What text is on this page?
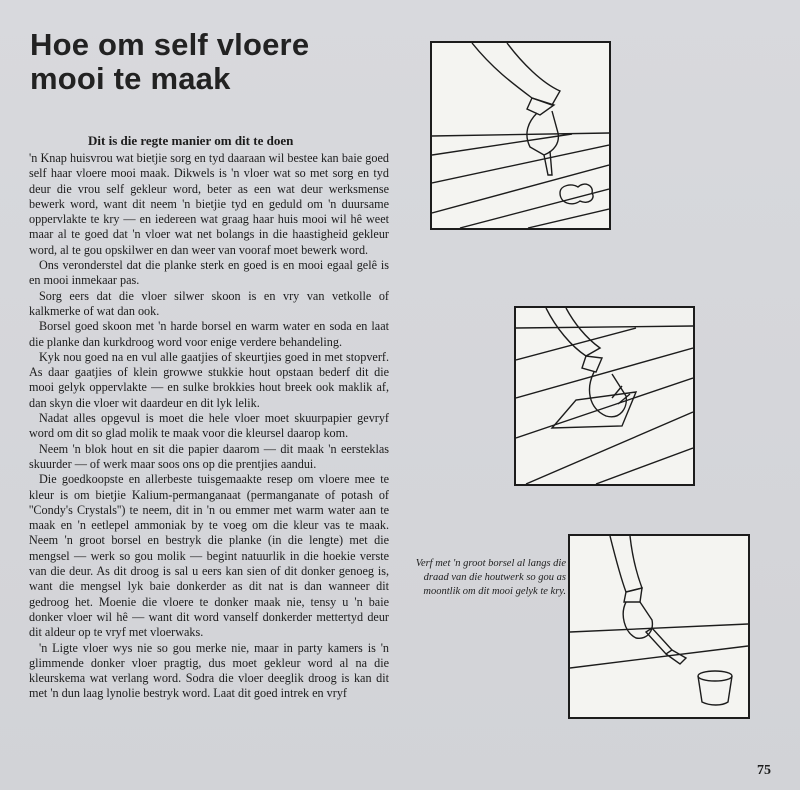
Hoe om self vloere
mooi te maak
Dit is die regte manier om dit te doen

'n Knap huisvrou wat bietjie sorg en tyd daaraan wil bestee kan baie goed self haar vloere mooi maak. Dikwels is 'n vloer wat so met sorg en tyd deur die vrou self gekleur word, beter as een wat deur werksmense bewerk word, want dit neem 'n bietjie tyd en geduld om 'n duursame oppervlakte te kry — en iedereen wat graag haar huis mooi wil hê weet maar al te goed dat 'n vloer wat net bolangs in die haastigheid gekleur word, al te gou opskilwer en dan weer van vooraf moet bewerk word.

Ons veronderstel dat die planke sterk en goed is en mooi egaal gelê is en mooi inmekaar pas.

Sorg eers dat die vloer silwer skoon is en vry van vetkolle of kalkmerke of wat dan ook.

Borsel goed skoon met 'n harde borsel en warm water en soda en laat die planke dan kurkdroog word voor enige verdere behandeling.

Kyk nou goed na en vul alle gaatjies of skeurtjies goed in met stopverf. As daar gaatjies of klein growwe stukkie hout opstaan bederf dit die mooi gelyk oppervlakte — en sulke brokkies hout breek ook maklik af, dan skyn die vloer wit daardeur en dit lyk lelik.

Nadat alles opgevul is moet die hele vloer moet skuurpapier gevryf word om dit so glad molik te maak voor die kleursel daarop kom.

Neem 'n blok hout en sit die papier daarom — dit maak 'n eersteklas skuurder — of werk maar soos ons op die prentjies aandui.

Die goedkoopste en allerbeste tuisgemaakte resep om vloere mee te kleur is om bietjie Kalium-permanganaat (permanganate of potash of ''Condy's Crystals'') te neem, dit in 'n ou emmer met warm water aan te maak en 'n eetlepel ammoniak by te voeg om die kleur vas te maak. Neem 'n groot borsel en bestryk die planke (in die lengte) met die mengsel — werk so gou molik — begint natuurlik in die hoekie verste van die deur. As dit droog is sal u eers kan sien of dit donker genoeg is, want die mengsel lyk baie donkerder as dit nat is dan wanneer dit gedroog het. Moenie die vloere te donker maak nie, tensy u 'n baie donker vloer wil hê — want dit word vanself donkerder mettertyd deur dit aldeur op te vryf met vloerwaks.

'n Ligte vloer wys nie so gou merke nie, maar in party kamers is 'n glimmende donker vloer pragtig, dus moet gekleur word al na die kleurskema wat verlang word. Sodra die vloer deeglik droog is kan dit met 'n dun laag lynolie bestryk word. Laat dit goed intrek en vryf

Verf met 'n groot borsel al langs die draad van die houtwerk so gou as moontlik om dit mooi gelyk te kry.
75
